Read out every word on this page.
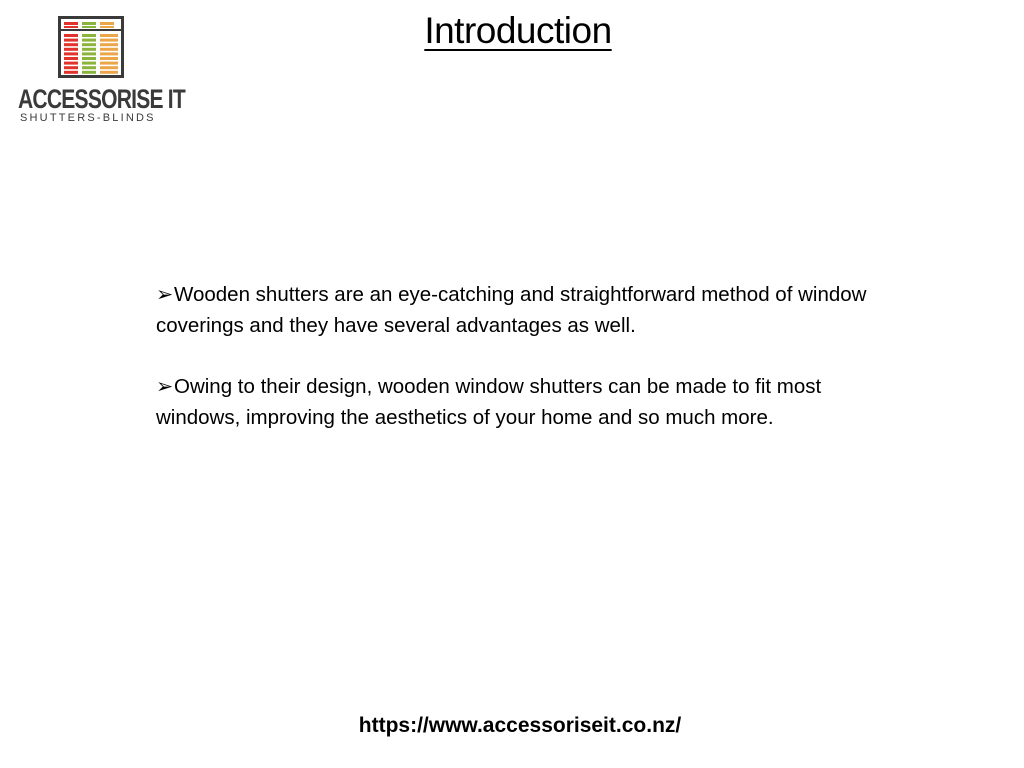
ACCESSORISE IT
SHUTTERS-BLINDS
Introduction

➢Wooden shutters are an eye-catching and straightforward method of window coverings and they have several advantages as well.

➢Owing to their design, wooden window shutters can be made to fit most windows, improving the aesthetics of your home and so much more.

https://www.accessoriseit.co.nz/
